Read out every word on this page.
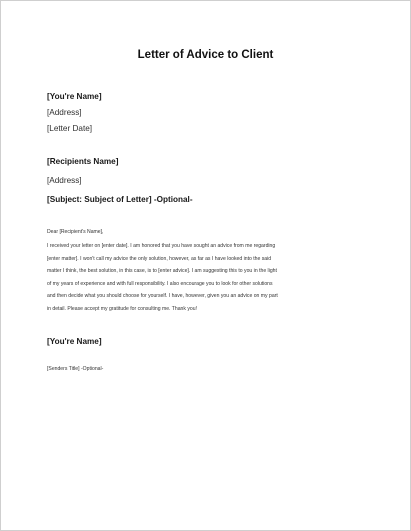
Letter of Advice to Client
[You're Name]
[Address]
[Letter Date]
[Recipients Name]
[Address]
[Subject: Subject of Letter] -Optional-
Dear [Recipient's Name],
I received your letter on [enter date]. I am honored that you have sought an advice from me regarding
[enter matter]. I won't call my advice the only solution, however, as far as I have looked into the said
matter I think, the best solution, in this case, is to [enter advice]. I am suggesting this to you in the light
of my years of experience and with full responsibility. I also encourage you to look for other solutions
and then decide what you should choose for yourself. I have, however, given you an advice on my part
in detail. Please accept my gratitude for consulting me. Thank you!
[You're Name]
[Senders Title] -Optional-
